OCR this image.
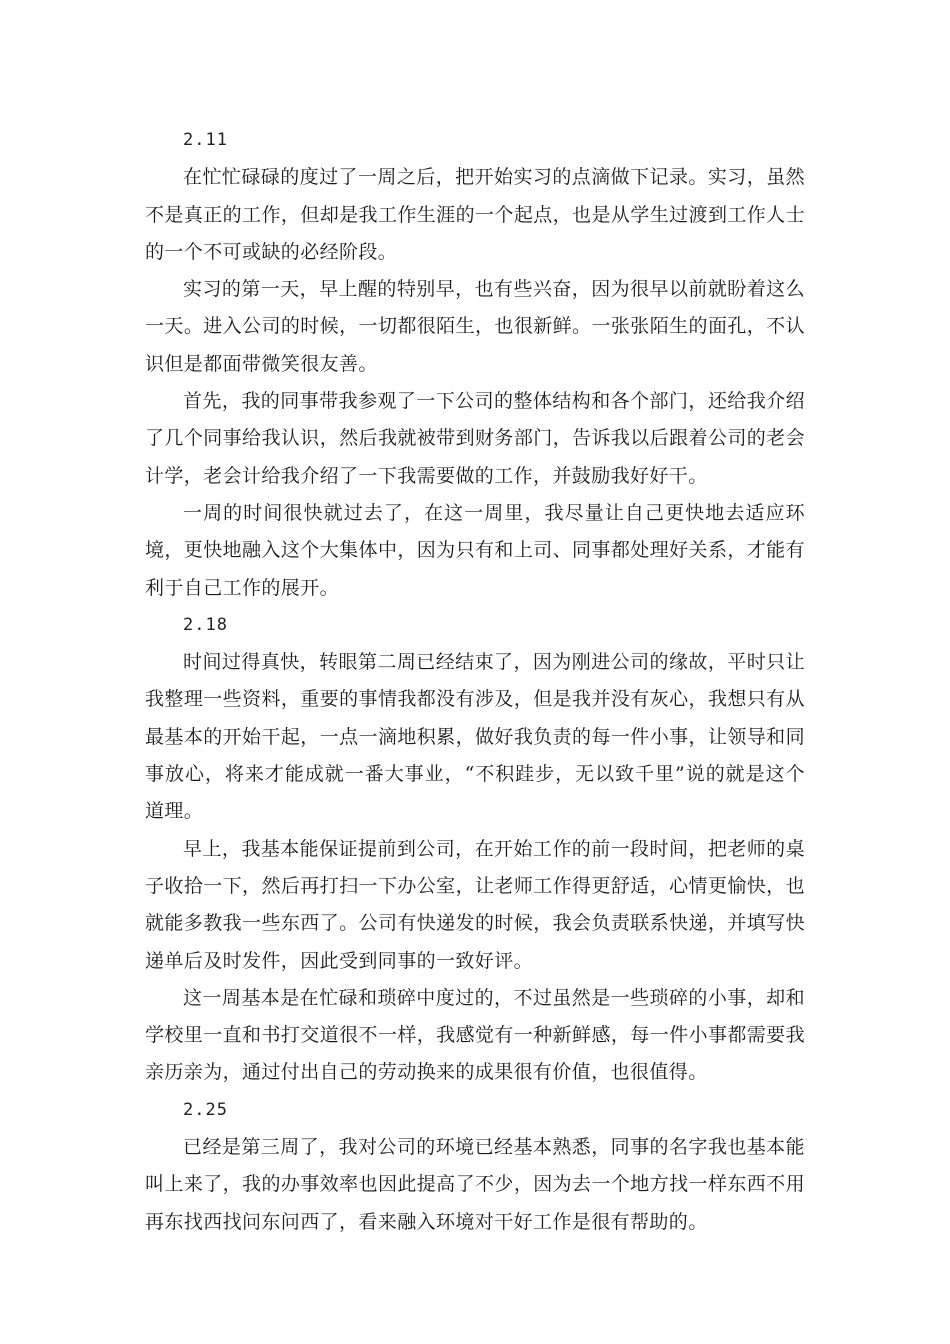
2.11

在忙忙碌碌的度过了一周之后，把开始实习的点滴做下记录。实习，虽然不是真正的工作，但却是我工作生涯的一个起点，也是从学生过渡到工作人士的一个不可或缺的必经阶段。

实习的第一天，早上醒的特别早，也有些兴奋，因为很早以前就盼着这么一天。进入公司的时候，一切都很陌生，也很新鲜。一张张陌生的面孔，不认识但是都面带微笑很友善。

首先，我的同事带我参观了一下公司的整体结构和各个部门，还给我介绍了几个同事给我认识，然后我就被带到财务部门，告诉我以后跟着公司的老会计学，老会计给我介绍了一下我需要做的工作，并鼓励我好好干。

一周的时间很快就过去了，在这一周里，我尽量让自己更快地去适应环境，更快地融入这个大集体中，因为只有和上司、同事都处理好关系，才能有利于自己工作的展开。

2.18

时间过得真快，转眼第二周已经结束了，因为刚进公司的缘故，平时只让我整理一些资料，重要的事情我都没有涉及，但是我并没有灰心，我想只有从最基本的开始干起，一点一滴地积累，做好我负责的每一件小事，让领导和同事放心，将来才能成就一番大事业，“不积跬步，无以致千里”说的就是这个道理。

早上，我基本能保证提前到公司，在开始工作的前一段时间，把老师的桌子收拾一下，然后再打扫一下办公室，让老师工作得更舒适，心情更愉快，也就能多教我一些东西了。公司有快递发的时候，我会负责联系快递，并填写快递单后及时发件，因此受到同事的一致好评。

这一周基本是在忙碌和琐碎中度过的，不过虽然是一些琐碎的小事，却和学校里一直和书打交道很不一样，我感觉有一种新鲜感，每一件小事都需要我亲历亲为，通过付出自己的劳动换来的成果很有价值，也很值得。

2.25

已经是第三周了，我对公司的环境已经基本熟悉，同事的名字我也基本能叫上来了，我的办事效率也因此提高了不少，因为去一个地方找一样东西不用再东找西找问东问西了，看来融入环境对干好工作是很有帮助的。
